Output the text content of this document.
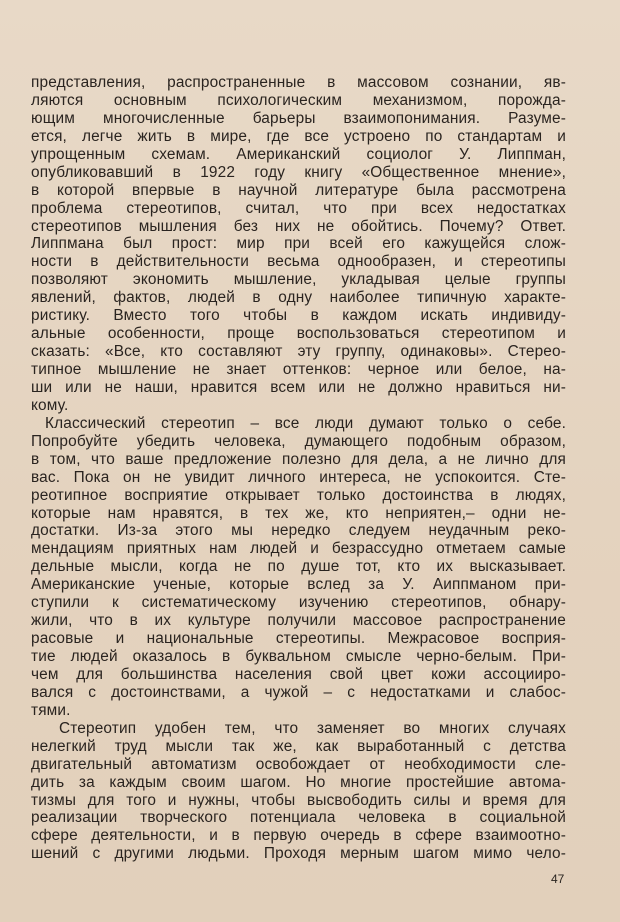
представления, распространенные в массовом сознании, яв-
ляются основным психологическим механизмом, порожда-
ющим многочисленные барьеры взаимопонимания. Разуме-
ется, легче жить в мире, где все устроено по стандартам и
упрощенным схемам. Американский социолог У. Липпман,
опубликовавший в 1922 году книгу «Общественное мнение»,
в которой впервые в научной литературе была рассмотрена
проблема стереотипов, считал, что при всех недостатках
стереотипов мышления без них не обойтись. Почему? Ответ.
Липпмана был прост: мир при всей его кажущейся слож-
ности в действительности весьма однообразен, и стереотипы
позволяют экономить мышление, укладывая целые группы
явлений, фактов, людей в одну наиболее типичную характе-
ристику. Вместо того чтобы в каждом искать индивиду-
альные особенности, проще воспользоваться стереотипом и
сказать: «Все, кто составляют эту группу, одинаковы». Стерео-
типное мышление не знает оттенков: черное или белое, на-
ши или не наши, нравится всем или не должно нравиться ни-
кому.
Классический стереотип – все люди думают только о себе.
Попробуйте убедить человека, думающего подобным образом,
в том, что ваше предложение полезно для дела, а не лично для
вас. Пока он не увидит личного интереса, не успокоится. Сте-
реотипное восприятие открывает только достоинства в людях,
которые нам нравятся, в тех же, кто неприятен,– одни не-
достатки. Из-за этого мы нередко следуем неудачным реко-
мендациям приятных нам людей и безрассудно отметаем самые
дельные мысли, когда не по душе тот, кто их высказывает.
Американские ученые, которые вслед за У. Аиппманом при-
ступили к систематическому изучению стереотипов, обнару-
жили, что в их культуре получили массовое распространение
расовые и национальные стереотипы. Межрасовое восприя-
тие людей оказалось в буквальном смысле черно-белым. При-
чем для большинства населения свой цвет кожи ассоцииро-
вался с достоинствами, а чужой – с недостатками и слабос-
тями.
Стереотип удобен тем, что заменяет во многих случаях
нелегкий труд мысли так же, как выработанный с детства
двигательный автоматизм освобождает от необходимости сле-
дить за каждым своим шагом. Но многие простейшие автома-
тизмы для того и нужны, чтобы высвободить силы и время для
реализации творческого потенциала человека в социальной
сфере деятельности, и в первую очередь в сфере взаимоотно-
шений с другими людьми. Проходя мерным шагом мимо чело-
47
